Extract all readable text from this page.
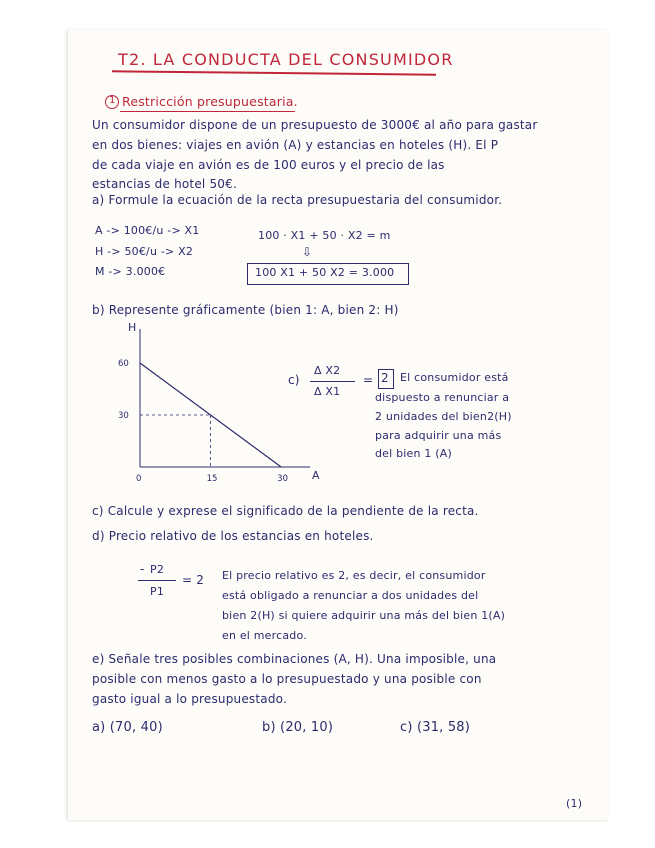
T2. LA CONDUCTA DEL CONSUMIDOR
1 Restricción presupuestaria.
Un consumidor dispone de un presupuesto de 3000€ al año para gastar
en dos bienes: viajes en avión (A) y estancias en hoteles (H). El P
de cada viaje en avión es de 100 euros y el precio de las
estancias de hotel 50€.
a) Formule la ecuación de la recta presupuestaria del consumidor.
A -> 100€/u -> X1
H -> 50€/u -> X2
M -> 3.000€
100 · X1 + 50 · X2 = m
⇩
100 X1 + 50 X2 = 3.000
b) Represente gráficamente (bien 1: A, bien 2: H)
H
A
0	15	30
60
30
c)
Δ X2
Δ X1
= 2 El consumidor está
dispuesto a renunciar a
2 unidades del bien2(H)
para adquirir una más
del bien 1 (A)
c) Calcule y exprese el significado de la pendiente de la recta.
d) Precio relativo de los estancias en hoteles.
- P2
P1
= 2 El precio relativo es 2, es decir, el consumidor
está obligado a renunciar a dos unidades del
bien 2(H) si quiere adquirir una más del bien 1(A)
en el mercado.
e) Señale tres posibles combinaciones (A, H). Una imposible, una
posible con menos gasto a lo presupuestado y una posible con
gasto igual a lo presupuestado.
a) (70, 40)	b) (20, 10)	c) (31, 58)
(1)
